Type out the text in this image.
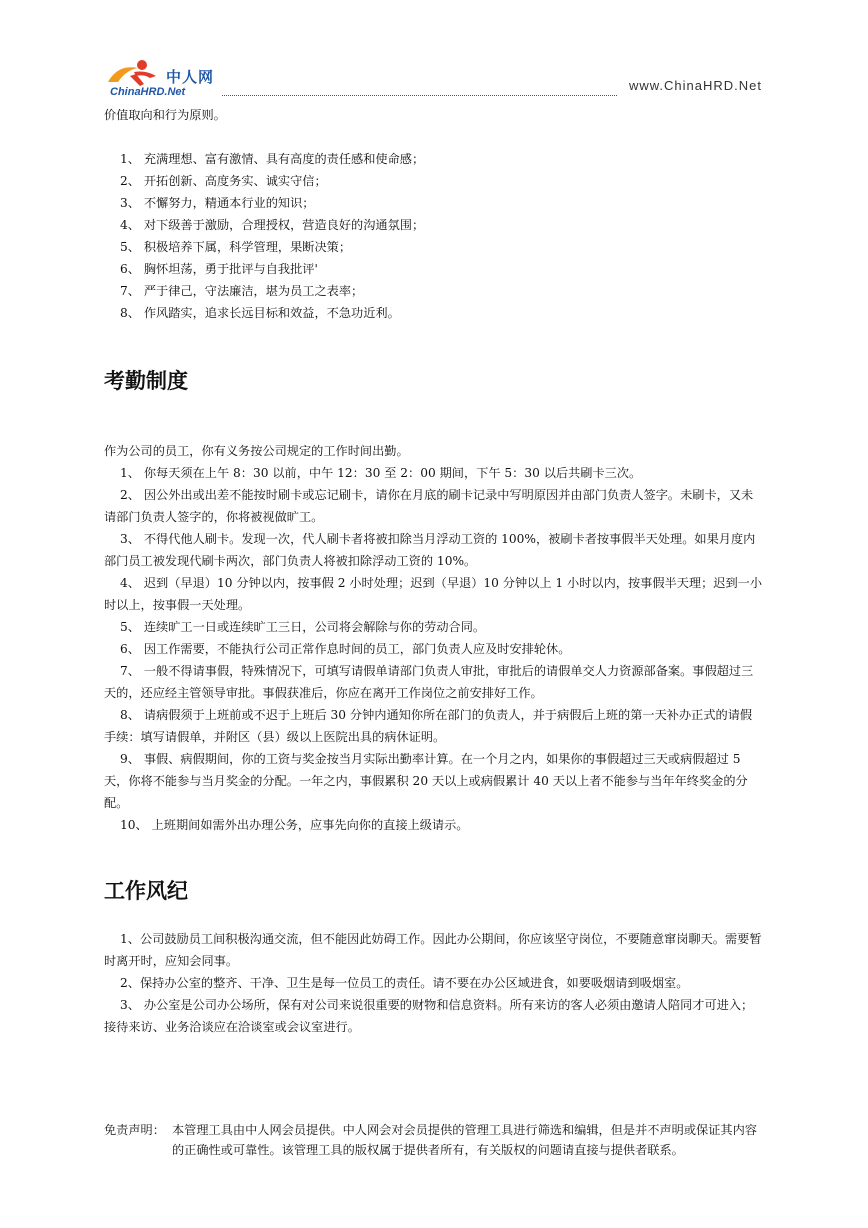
中人网
ChinaHRD.Net	www.ChinaHRD.Net

价值取向和行为原则。

1、 充满理想、富有激情、具有高度的责任感和使命感；

2、 开拓创新、高度务实、诚实守信；

3、 不懈努力，精通本行业的知识；

4、 对下级善于激励，合理授权，营造良好的沟通氛围；

5、 积极培养下属，科学管理，果断决策；

6、 胸怀坦荡，勇于批评与自我批评'

7、 严于律己，守法廉洁，堪为员工之表率；

8、 作风踏实，追求长远目标和效益，不急功近利。

考勤制度

作为公司的员工，你有义务按公司规定的工作时间出勤。

1、 你每天须在上午 8：30 以前，中午 12：30 至 2：00 期间，下午 5：30 以后共刷卡三次。

2、 因公外出或出差不能按时刷卡或忘记刷卡，请你在月底的刷卡记录中写明原因并由部门负责人签字。未刷卡，又未请部门负责人签字的，你将被视做旷工。

3、 不得代他人刷卡。发现一次，代人刷卡者将被扣除当月浮动工资的 100%，被刷卡者按事假半天处理。如果月度内部门员工被发现代刷卡两次，部门负责人将被扣除浮动工资的 10%。

4、 迟到（早退）10 分钟以内，按事假 2 小时处理；迟到（早退）10 分钟以上 1 小时以内，按事假半天理；迟到一小时以上，按事假一天处理。

5、 连续旷工一日或连续旷工三日，公司将会解除与你的劳动合同。

6、 因工作需要，不能执行公司正常作息时间的员工，部门负责人应及时安排轮休。

7、 一般不得请事假，特殊情况下，可填写请假单请部门负责人审批，审批后的请假单交人力资源部备案。事假超过三天的，还应经主管领导审批。事假获准后，你应在离开工作岗位之前安排好工作。

8、 请病假须于上班前或不迟于上班后 30 分钟内通知你所在部门的负责人，并于病假后上班的第一天补办正式的请假手续：填写请假单，并附区（县）级以上医院出具的病休证明。

9、 事假、病假期间，你的工资与奖金按当月实际出勤率计算。在一个月之内，如果你的事假超过三天或病假超过 5 天，你将不能参与当月奖金的分配。一年之内，事假累积 20 天以上或病假累计 40 天以上者不能参与当年年终奖金的分配。

10、 上班期间如需外出办理公务，应事先向你的直接上级请示。

工作风纪

1、公司鼓励员工间积极沟通交流，但不能因此妨碍工作。因此办公期间，你应该坚守岗位，不要随意窜岗聊天。需要暂时离开时，应知会同事。

2、保持办公室的整齐、干净、卫生是每一位员工的责任。请不要在办公区域进食，如要吸烟请到吸烟室。

3、 办公室是公司办公场所，保有对公司来说很重要的财物和信息资料。所有来访的客人必须由邀请人陪同才可进入；接待来访、业务洽谈应在洽谈室或会议室进行。

免责声明： 本管理工具由中人网会员提供。中人网会对会员提供的管理工具进行筛选和编辑，但是并不声明或保证其内容的正确性或可靠性。该管理工具的版权属于提供者所有，有关版权的问题请直接与提供者联系。
